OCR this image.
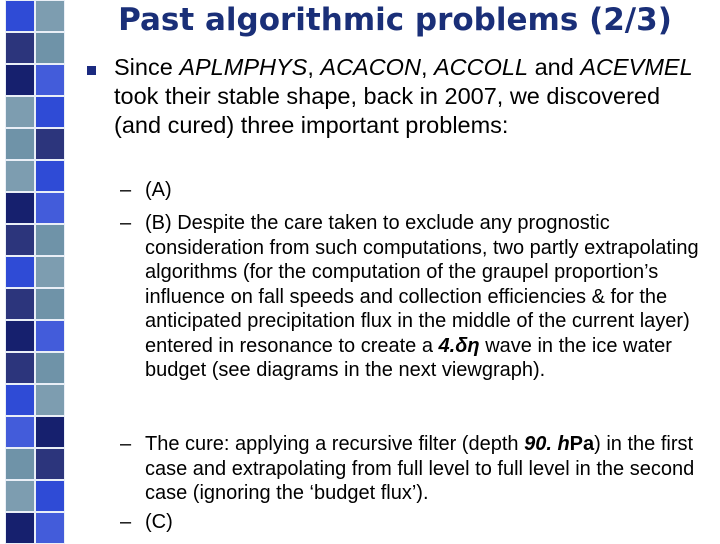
Past algorithmic problems (2/3)
Since APLMPHYS, ACACON, ACCOLL and ACEVMEL took their stable shape, back in 2007, we discovered (and cured) three important problems:
– (A)
– (B) Despite the care taken to exclude any prognostic consideration from such computations, two partly extrapolating algorithms (for the computation of the graupel proportion’s influence on fall speeds and collection efficiencies & for the anticipated precipitation flux in the middle of the current layer) entered in resonance to create a 4.δη wave in the ice water budget (see diagrams in the next viewgraph).
– The cure: applying a recursive filter (depth 90. hPa) in the first case and extrapolating from full level to full level in the second case (ignoring the ‘budget flux’).
– (C)
